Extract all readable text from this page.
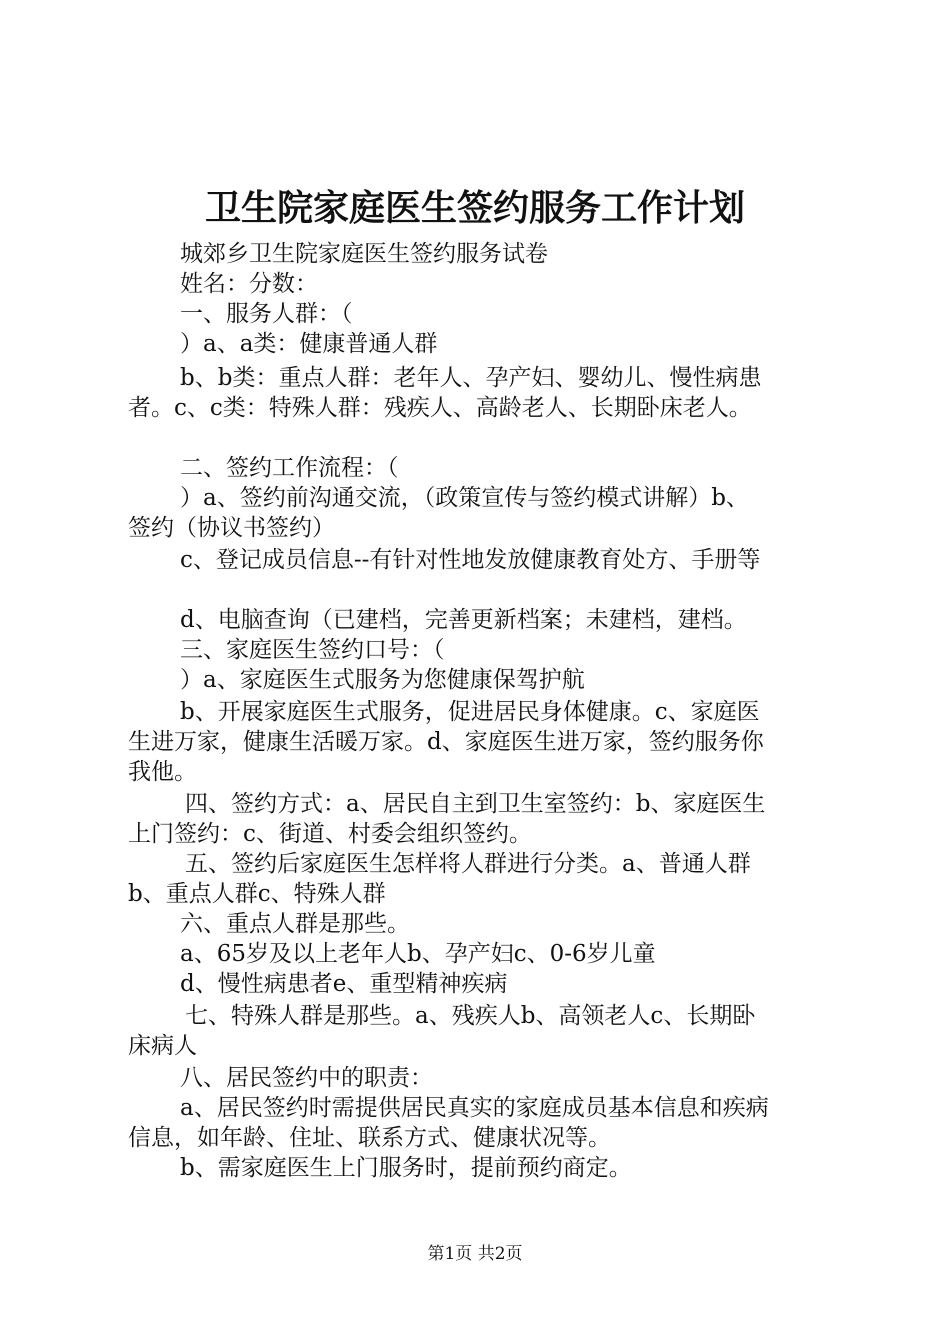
卫生院家庭医生签约服务工作计划
城郊乡卫生院家庭医生签约服务试卷
姓名：分数：
一、服务人群：（
）a、a类：健康普通人群
b、b类：重点人群：老年人、孕产妇、婴幼儿、慢性病患
者。c、c类：特殊人群：残疾人、高龄老人、长期卧床老人。
二、签约工作流程：（
）a、签约前沟通交流，（政策宣传与签约模式讲解）b、
签约（协议书签约）
c、登记成员信息--有针对性地发放健康教育处方、手册等
d、电脑查询（已建档，完善更新档案；未建档，建档。
三、家庭医生签约口号：（
）a、家庭医生式服务为您健康保驾护航
b、开展家庭医生式服务，促进居民身体健康。c、家庭医
生进万家，健康生活暖万家。d、家庭医生进万家，签约服务你
我他。
四、签约方式：a、居民自主到卫生室签约：b、家庭医生
上门签约：c、街道、村委会组织签约。
五、签约后家庭医生怎样将人群进行分类。a、普通人群
b、重点人群c、特殊人群
六、重点人群是那些。
a、65岁及以上老年人b、孕产妇c、0-6岁儿童
d、慢性病患者e、重型精神疾病
七、特殊人群是那些。a、残疾人b、高领老人c、长期卧
床病人
八、居民签约中的职责：
a、居民签约时需提供居民真实的家庭成员基本信息和疾病
信息，如年龄、住址、联系方式、健康状况等。
b、需家庭医生上门服务时，提前预约商定。
第1页 共2页
